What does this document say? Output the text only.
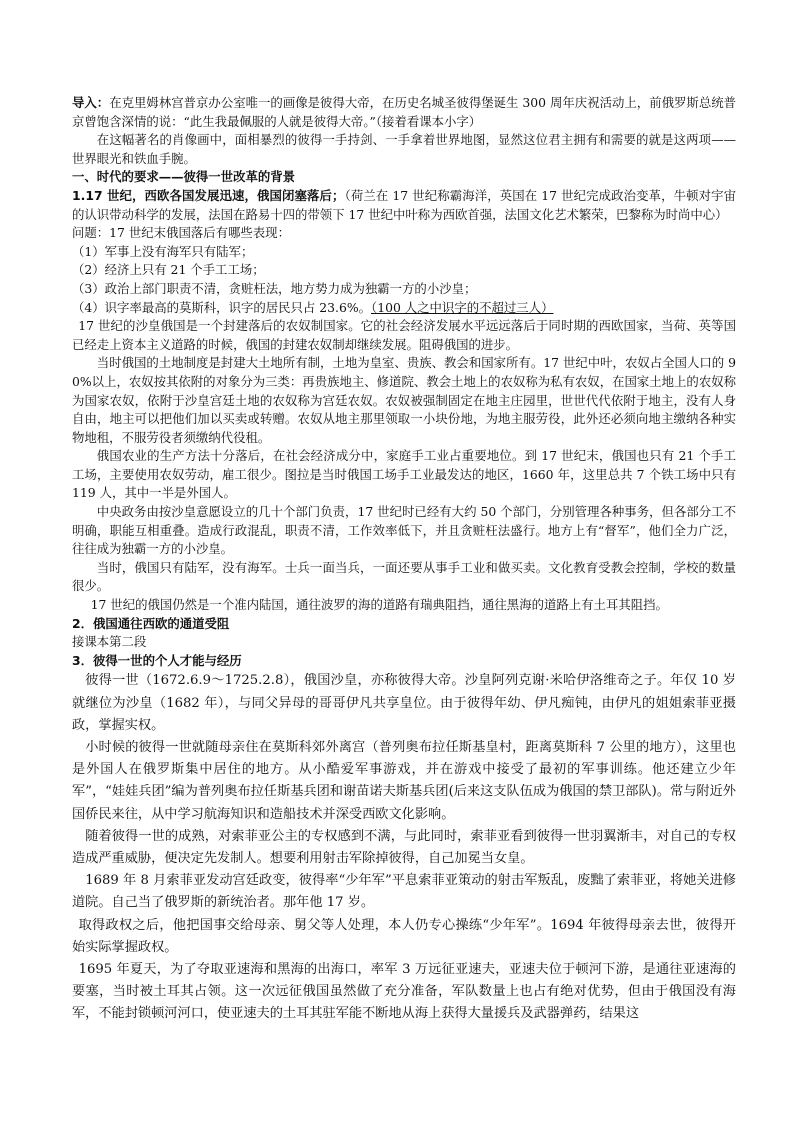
导入：在克里姆林宫普京办公室唯一的画像是彼得大帝，在历史名城圣彼得堡诞生 300 周年庆祝活动上，前俄罗斯总统普京曾饱含深情的说：“此生我最佩服的人就是彼得大帝。”（接着看课本小字）

在这幅著名的肖像画中，面相暴烈的彼得一手持剑、一手拿着世界地图，显然这位君主拥有和需要的就是这两项——世界眼光和铁血手腕。

一、时代的要求——彼得一世改革的背景

1.17 世纪，西欧各国发展迅速，俄国闭塞落后；（荷兰在 17 世纪称霸海洋，英国在 17 世纪完成政治变革，牛顿对宇宙的认识带动科学的发展，法国在路易十四的带领下 17 世纪中叶称为西欧首强，法国文化艺术繁荣，巴黎称为时尚中心）

问题：17 世纪末俄国落后有哪些表现：

（1）军事上没有海军只有陆军；

（2）经济上只有 21 个手工工场；

（3）政治上部门职责不清，贪赃枉法，地方势力成为独霸一方的小沙皇；

（4）识字率最高的莫斯科，识字的居民只占 23.6%。（100 人之中识字的不超过三人）

17 世纪的沙皇俄国是一个封建落后的农奴制国家。它的社会经济发展水平远远落后于同时期的西欧国家，当荷、英等国已经走上资本主义道路的时候，俄国的封建农奴制却继续发展。阻碍俄国的进步。

当时俄国的土地制度是封建大土地所有制，土地为皇室、贵族、教会和国家所有。17 世纪中叶，农奴占全国人口的 90%以上，农奴按其依附的对象分为三类：再贵族地主、修道院、教会土地上的农奴称为私有农奴，在国家土地上的农奴称为国家农奴，依附于沙皇宫廷土地的农奴称为宫廷农奴。农奴被强制固定在地主庄园里，世世代代依附于地主，没有人身自由，地主可以把他们加以买卖或转赠。农奴从地主那里领取一小块份地，为地主服劳役，此外还必须向地主缴纳各种实物地租，不服劳役者须缴纳代役租。

俄国农业的生产方法十分落后，在社会经济成分中，家庭手工业占重要地位。到 17 世纪末，俄国也只有 21 个手工工场，主要使用农奴劳动，雇工很少。图拉是当时俄国工场手工业最发达的地区，1660 年，这里总共 7 个铁工场中只有 119 人，其中一半是外国人。

中央政务由按沙皇意愿设立的几十个部门负责，17 世纪时已经有大约 50 个部门，分别管理各种事务，但各部分工不明确，职能互相重叠。造成行政混乱，职责不清，工作效率低下，并且贪赃枉法盛行。地方上有“督军”，他们全力广泛，往往成为独霸一方的小沙皇。

当时，俄国只有陆军，没有海军。士兵一面当兵，一面还要从事手工业和做买卖。文化教育受教会控制，学校的数量很少。

17 世纪的俄国仍然是一个准内陆国，通往波罗的海的道路有瑞典阻挡，通往黑海的道路上有土耳其阻挡。

2．俄国通往西欧的通道受阻

接课本第二段

3．彼得一世的个人才能与经历

彼得一世（1672.6.9～1725.2.8），俄国沙皇，亦称彼得大帝。沙皇阿列克谢·米哈伊洛维奇之子。年仅 10 岁就继位为沙皇（1682 年），与同父异母的哥哥伊凡共享皇位。由于彼得年幼、伊凡痴钝，由伊凡的姐姐索菲亚摄政，掌握实权。

小时候的彼得一世就随母亲住在莫斯科郊外离宫（普列奥布拉任斯基皇村，距离莫斯科 7 公里的地方），这里也是外国人在俄罗斯集中居住的地方。从小酷爱军事游戏，并在游戏中接受了最初的军事训练。他还建立少年军”，“娃娃兵团”编为普列奥布拉任斯基兵团和谢苗诺夫斯基兵团(后来这支队伍成为俄国的禁卫部队)。常与附近外国侨民来往，从中学习航海知识和造船技术并深受西欧文化影响。

随着彼得一世的成熟，对索菲亚公主的专权感到不满，与此同时，索菲亚看到彼得一世羽翼渐丰，对自己的专权造成严重威胁，便决定先发制人。想要利用射击军除掉彼得，自己加冕当女皇。

1689 年 8 月索菲亚发动宫廷政变，彼得率“少年军”平息索菲亚策动的射击军叛乱，废黜了索菲亚，将她关进修道院。自己当了俄罗斯的新统治者。那年他 17 岁。

取得政权之后，他把国事交给母亲、舅父等人处理，本人仍专心操练“少年军”。1694 年彼得母亲去世，彼得开始实际掌握政权。

1695 年夏天，为了夺取亚速海和黑海的出海口，率军 3 万远征亚速夫，亚速夫位于顿河下游，是通往亚速海的要塞，当时被土耳其占领。这一次远征俄国虽然做了充分准备，军队数量上也占有绝对优势，但由于俄国没有海军，不能封锁顿河河口，使亚速夫的土耳其驻军能不断地从海上获得大量援兵及武器弹药，结果这
